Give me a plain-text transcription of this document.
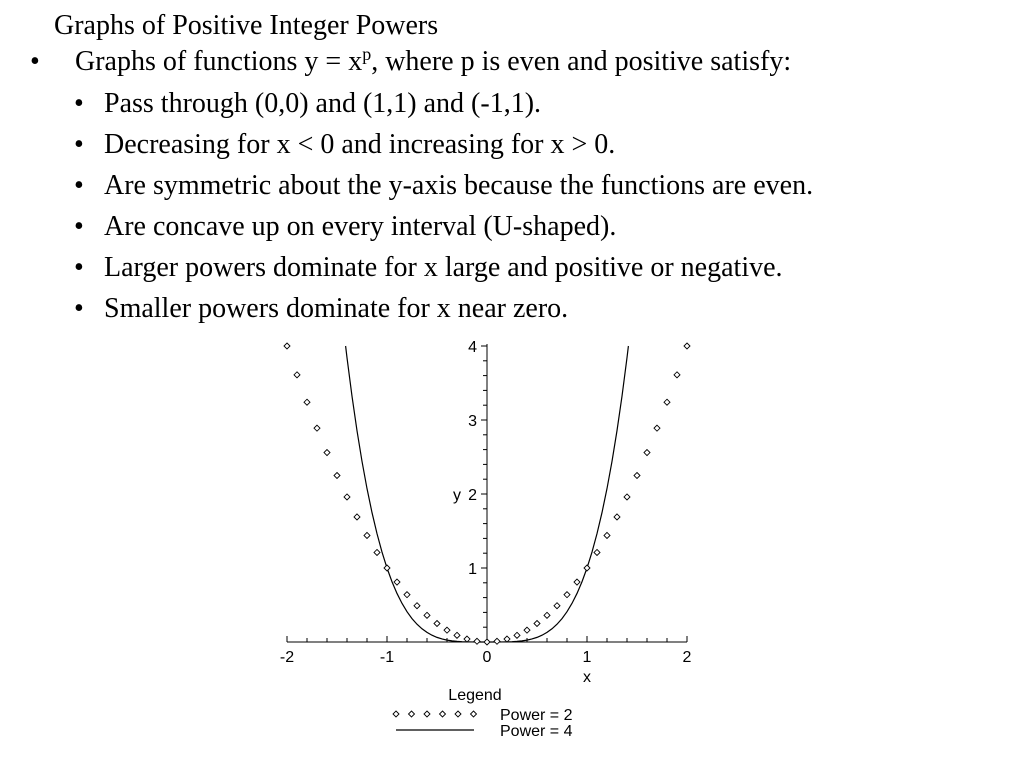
Graphs of Positive Integer Powers
• Graphs of functions $y = x^p$, where p is even and positive satisfy:
• Pass through (0,0) and (1,1) and (-1,1).
• Decreasing for x < 0 and increasing for x > 0.
• Are symmetric about the y-axis because the functions are even.
• Are concave up on every interval (U-shaped).
• Larger powers dominate for x large and positive or negative.
• Smaller powers dominate for x near zero.
-2	-1	0	1	2
1
2
3
4
y
x
Legend
Power = 2
Power = 4
